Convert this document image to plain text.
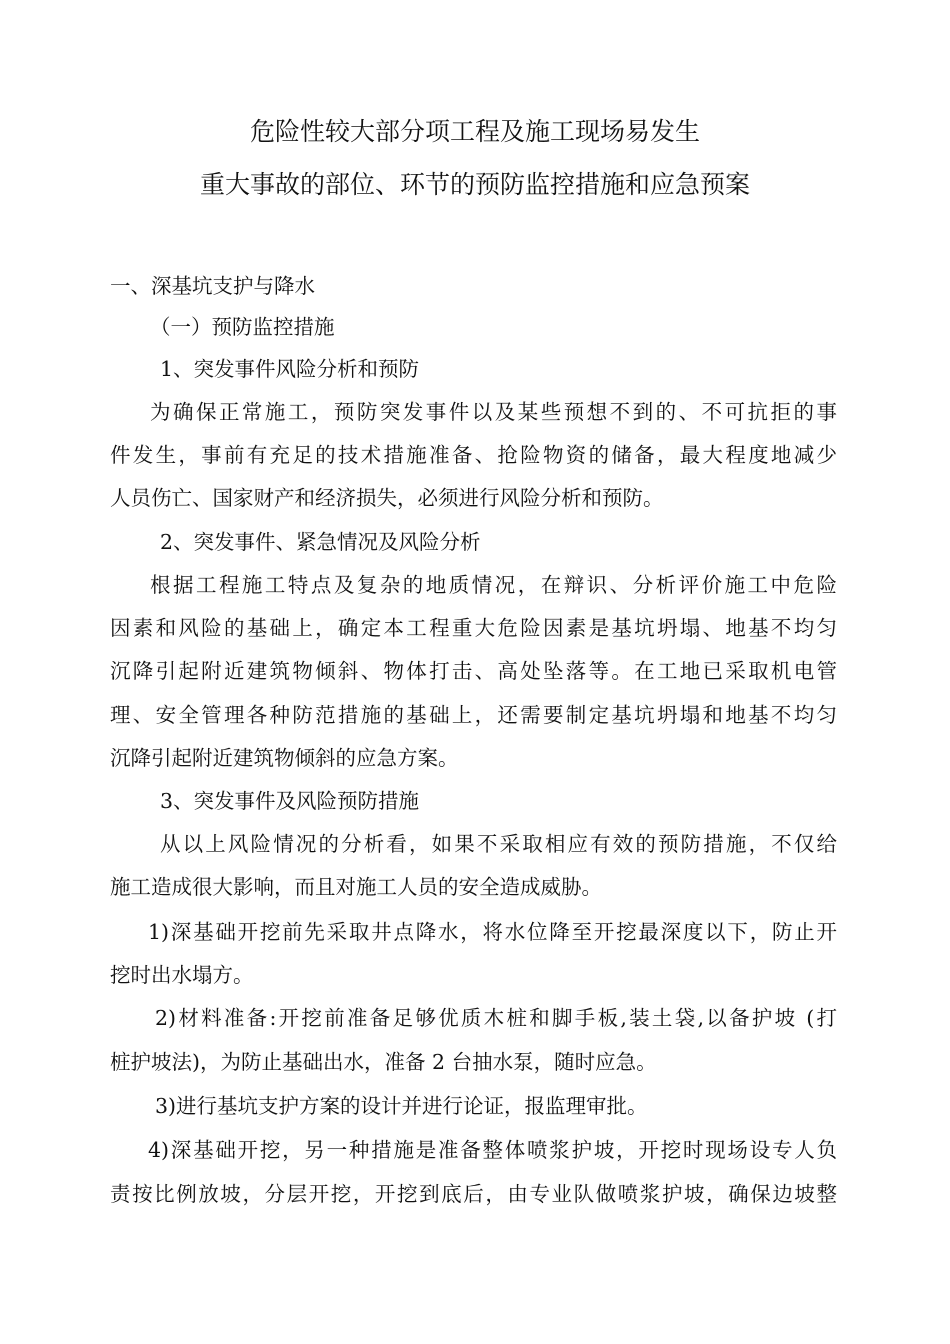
危险性较大部分项工程及施工现场易发生
重大事故的部位、环节的预防监控措施和应急预案
一、深基坑支护与降水
（一）预防监控措施
1、突发事件风险分析和预防
为确保正常施工，预防突发事件以及某些预想不到的、不可抗拒的事
件发生，事前有充足的技术措施准备、抢险物资的储备，最大程度地减少
人员伤亡、国家财产和经济损失，必须进行风险分析和预防。
2、突发事件、紧急情况及风险分析
根据工程施工特点及复杂的地质情况，在辩识、分析评价施工中危险
因素和风险的基础上，确定本工程重大危险因素是基坑坍塌、地基不均匀
沉降引起附近建筑物倾斜、物体打击、高处坠落等。在工地已采取机电管
理、安全管理各种防范措施的基础上，还需要制定基坑坍塌和地基不均匀
沉降引起附近建筑物倾斜的应急方案。
3、突发事件及风险预防措施
从以上风险情况的分析看，如果不采取相应有效的预防措施，不仅给
施工造成很大影响，而且对施工人员的安全造成威胁。
1)深基础开挖前先采取井点降水，将水位降至开挖最深度以下，防止开
挖时出水塌方。
2)材料准备:开挖前准备足够优质木桩和脚手板,装土袋,以备护坡 (打
桩护坡法)，为防止基础出水，准备 2 台抽水泵，随时应急。
3)进行基坑支护方案的设计并进行论证，报监理审批。
4)深基础开挖，另一种措施是准备整体喷浆护坡，开挖时现场设专人负
责按比例放坡，分层开挖，开挖到底后，由专业队做喷浆护坡，确保边坡整
